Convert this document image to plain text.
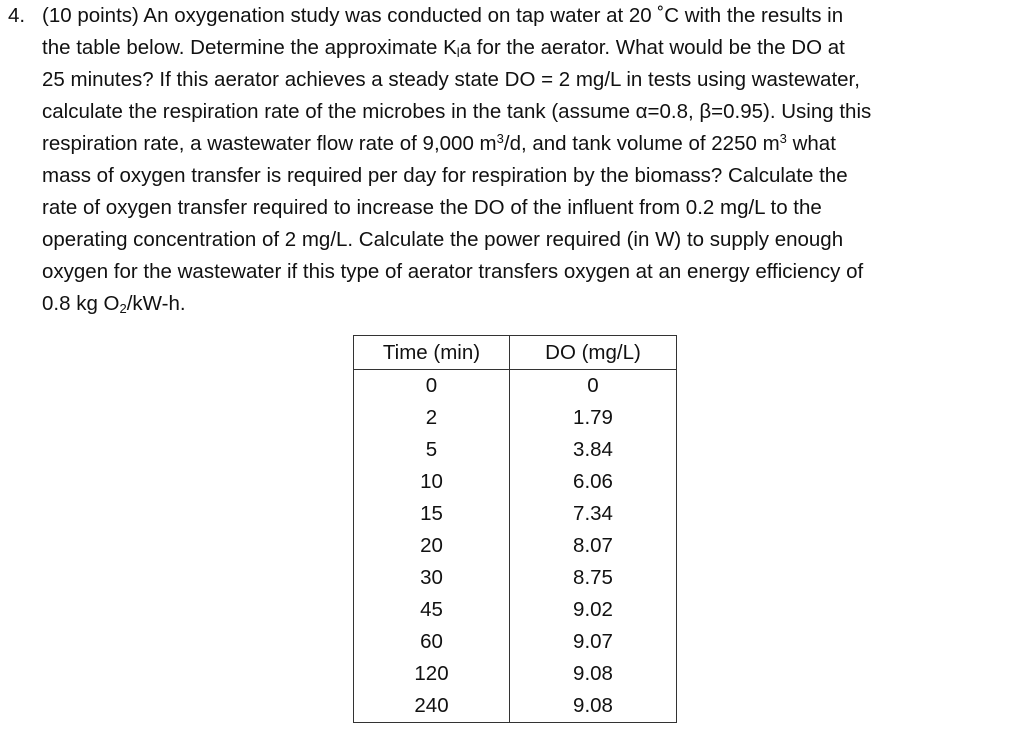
4. (10 points) An oxygenation study was conducted on tap water at 20 ˚C with the results in
the table below. Determine the approximate $K_la$ for the aerator. What would be the DO at
25 minutes? If this aerator achieves a steady state DO = 2 mg/L in tests using wastewater,
calculate the respiration rate of the microbes in the tank (assume α=0.8, β=0.95). Using this
respiration rate, a wastewater flow rate of 9,000 $m^3/d$, and tank volume of 2250 $m^3$ what
mass of oxygen transfer is required per day for respiration by the biomass? Calculate the
rate of oxygen transfer required to increase the DO of the influent from 0.2 mg/L to the
operating concentration of 2 mg/L. Calculate the power required (in W) to supply enough
oxygen for the wastewater if this type of aerator transfers oxygen at an energy efficiency of
0.8 kg $O_2/kW-h$.
Time (min)	DO (mg/L)
0	0
2	1.79
5	3.84
10	6.06
15	7.34
20	8.07
30	8.75
45	9.02
60	9.07
120	9.08
240	9.08
